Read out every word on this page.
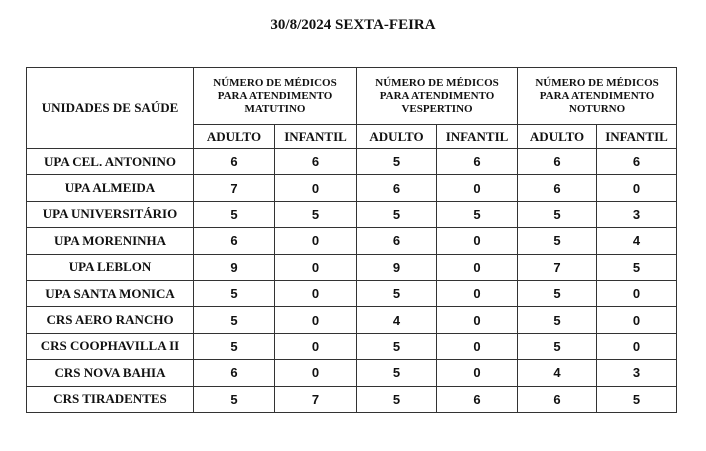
30/8/2024 SEXTA-FEIRA
UNIDADES DE SAÚDE	
NÚMERO DE MÉDICOS
PARA ATENDIMENTO
MATUTINO

NÚMERO DE MÉDICOS
PARA ATENDIMENTO
VESPERTINO

NÚMERO DE MÉDICOS
PARA ATENDIMENTO
NOTURNO

	ADULTO	INFANTIL	ADULTO	INFANTIL	ADULTO	INFANTIL
UPA CEL. ANTONINO	6	6	5	6	6	6
UPA ALMEIDA	7	0	6	0	6	0
UPA UNIVERSITÁRIO	5	5	5	5	5	3
UPA MORENINHA	6	0	6	0	5	4
UPA LEBLON	9	0	9	0	7	5
UPA SANTA MONICA	5	0	5	0	5	0
CRS AERO RANCHO	5	0	4	0	5	0
CRS COOPHAVILLA II	5	0	5	0	5	0
CRS NOVA BAHIA	6	0	5	0	4	3
CRS TIRADENTES	5	7	5	6	6	5
